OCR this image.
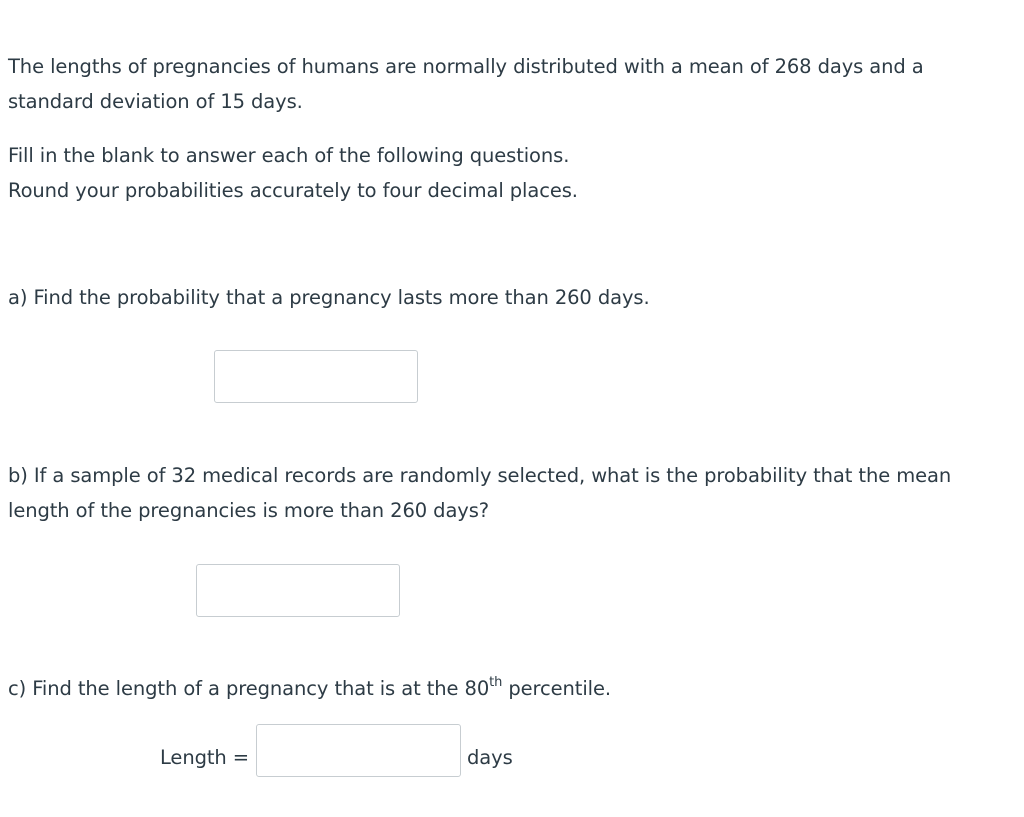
The lengths of pregnancies of humans are normally distributed with a mean of 268 days and a
standard deviation of 15 days.
Fill in the blank to answer each of the following questions.
Round your probabilities accurately to four decimal places.
a) Find the probability that a pregnancy lasts more than 260 days.
b) If a sample of 32 medical records are randomly selected, what is the probability that the mean
length of the pregnancies is more than 260 days?
c) Find the length of a pregnancy that is at the 80th percentile.
Length =	days
